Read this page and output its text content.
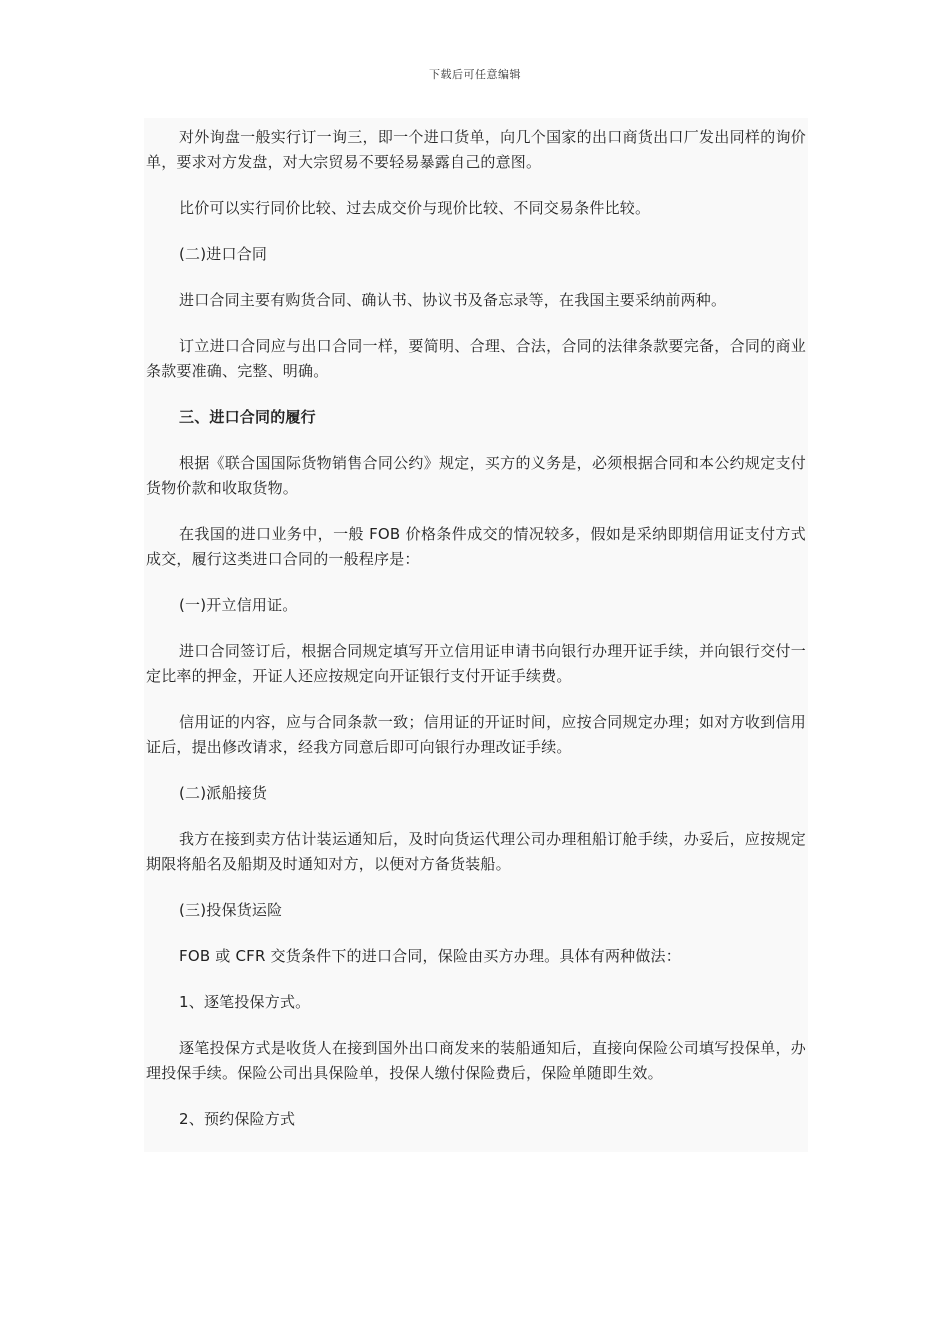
下载后可任意编辑

对外询盘一般实行订一询三，即一个进口货单，向几个国家的出口商货出口厂发出同样的询价单，要求对方发盘，对大宗贸易不要轻易暴露自己的意图。

比价可以实行同价比较、过去成交价与现价比较、不同交易条件比较。

(二)进口合同

进口合同主要有购货合同、确认书、协议书及备忘录等，在我国主要采纳前两种。

订立进口合同应与出口合同一样，要简明、合理、合法，合同的法律条款要完备，合同的商业条款要准确、完整、明确。

三、进口合同的履行

根据《联合国国际货物销售合同公约》规定，买方的义务是，必须根据合同和本公约规定支付货物价款和收取货物。

在我国的进口业务中，一般 FOB 价格条件成交的情况较多，假如是采纳即期信用证支付方式成交，履行这类进口合同的一般程序是：

(一)开立信用证。

进口合同签订后，根据合同规定填写开立信用证申请书向银行办理开证手续，并向银行交付一定比率的押金，开证人还应按规定向开证银行支付开证手续费。

信用证的内容，应与合同条款一致；信用证的开证时间，应按合同规定办理；如对方收到信用证后，提出修改请求，经我方同意后即可向银行办理改证手续。

(二)派船接货

我方在接到卖方估计装运通知后，及时向货运代理公司办理租船订舱手续，办妥后，应按规定期限将船名及船期及时通知对方，以便对方备货装船。

(三)投保货运险

FOB 或 CFR 交货条件下的进口合同，保险由买方办理。具体有两种做法：

1、逐笔投保方式。

逐笔投保方式是收货人在接到国外出口商发来的装船通知后，直接向保险公司填写投保单，办理投保手续。保险公司出具保险单，投保人缴付保险费后，保险单随即生效。

2、预约保险方式
